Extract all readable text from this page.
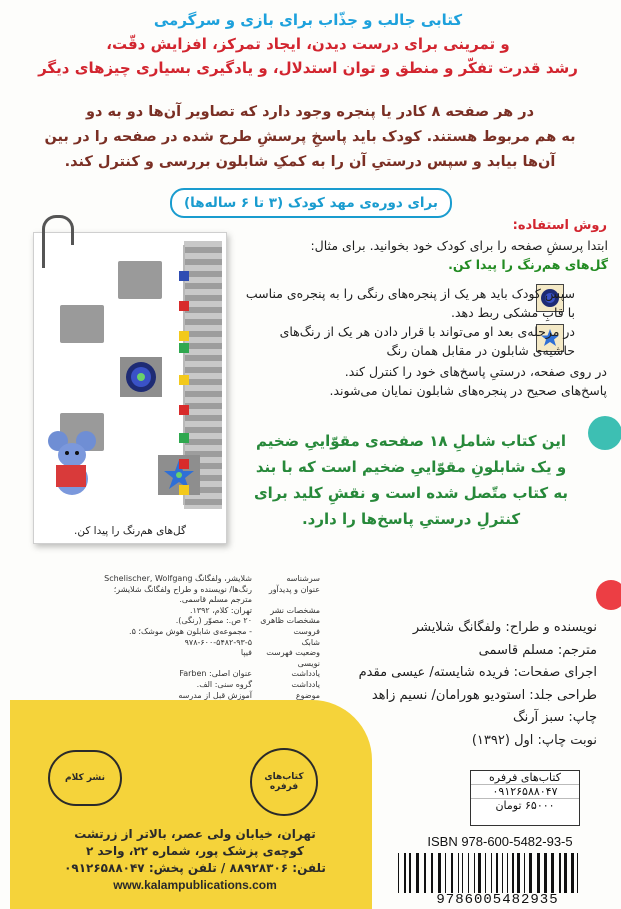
کتابی جالب و جذّاب برای بازی و سرگرمی
و تمرینی برای درست دیدن، ایجاد تمرکز، افزایش دقّت،
رشد قدرت تفکّر و منطق و توان استدلال، و یادگیری بسیاری چیزهای دیگر
در هر صفحه ۸ کادر یا پنجره وجود دارد که تصاویر آن‌ها دو به دو
به هم مربوط هستند. کودک باید پاسخِ پرسشِ طرح شده در صفحه را در بین
آن‌ها بیابد و سپس درستیِ آن را به کمکِ شابلون بررسی و کنترل کند.
برای دوره‌ی مهد کودک (۳ تا ۶ ساله‌ها)
گل‌های هم‌رنگ را پیدا کن.
روش استفاده:
ابتدا پرسشِ صفحه را برای کودک خود بخوانید. برای مثال:
گل‌های هم‌رنگ را پیدا کن.
سپس کودک باید هر یک از پنجره‌های رنگی را به پنجره‌ی مناسب با قابِ مشکی ربط دهد.
در مرحله‌ی بعد او می‌تواند با قرار دادن هر یک از رنگ‌های حاشیه‌ی شابلون در مقابل همان رنگ
در روی صفحه، درستیِ پاسخ‌های خود را کنترل کند.
پاسخ‌های صحیح در پنجره‌های شابلون نمایان می‌شوند.
این کتاب شاملِ ۱۸ صفحه‌ی مقوّاییِ ضخیم
و یک شابلونِ مقوّاییِ ضخیم است که با بند
به کتاب متّصل شده است و نقشِ کلید برای
کنترلِ درستیِ پاسخ‌ها را دارد.
سرشناسه
شلایشر، ولفگانگ Schelischer, Wolfgang
عنوان و پدیدآور
رنگ‌ها/ نویسنده و طراح ولفگانگ شلایشر؛
مترجم مسلم قاسمی.
مشخصات نشر
تهران: کلام، ۱۳۹۲.
مشخصات ظاهری
۲۰ ص.: مصوّر (رنگی).
فروست
- مجموعه‌ی شابلون هوش موشک؛ ۵.
شابک
۹۷۸-۶۰۰-۵۴۸۲-۹۳-۵
وضعیت فهرست نویسی
فیپا
یادداشت
عنوان اصلی: Farben
یادداشت
گروه سنی: الف.
موضوع
آموزش قبل از مدرسه
نویسنده و طراح: ولفگانگ شلایشر
مترجم: مسلم قاسمی
اجرای صفحات: فریده شایسته/ عیسی مقدم
طراحی جلد: استودیو هورامان/ نسیم زاهد
چاپ: سبز آرنگ
نوبت چاپ: اول (۱۳۹۲)
کتاب‌های فرفره
۰۹۱۲۶۵۸۸۰۴۷
۶۵۰۰۰ تومان
نشر کلام	کتاب‌های فرفره
تهران، خیابان ولی عصر، بالاتر از زرتشت
کوچه‌ی پزشک پور، شماره ۲۲، واحد ۲
تلفن: ۸۸۹۲۸۳۰۶ / تلفن پخش: ۰۹۱۲۶۵۸۸۰۴۷
www.kalampublications.com
ISBN 978-600-5482-93-5
9786005482935
